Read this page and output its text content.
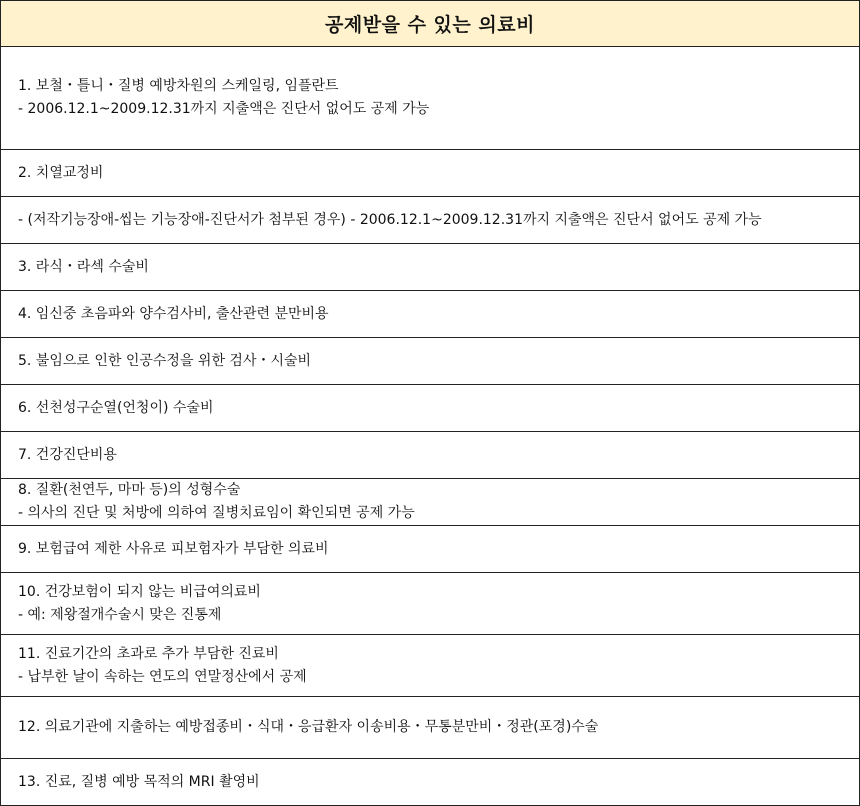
공제받을 수 있는 의료비
1. 보철・틀니・질병 예방차원의 스케일링, 임플란트
- 2006.12.1~2009.12.31까지 지출액은 진단서 없어도 공제 가능
2. 치열교정비
- (저작기능장애-씹는 기능장애-진단서가 첨부된 경우) - 2006.12.1~2009.12.31까지 지출액은 진단서 없어도 공제 가능
3. 라식・라섹 수술비
4. 임신중 초음파와 양수검사비, 출산관련 분만비용
5. 불임으로 인한 인공수정을 위한 검사・시술비
6. 선천성구순열(언청이) 수술비
7. 건강진단비용
8. 질환(천연두, 마마 등)의 성형수술
- 의사의 진단 및 처방에 의하여 질병치료임이 확인되면 공제 가능
9. 보험급여 제한 사유로 피보험자가 부담한 의료비
10. 건강보험이 되지 않는 비급여의료비
- 예: 제왕절개수술시 맞은 진통제
11. 진료기간의 초과로 추가 부담한 진료비
- 납부한 날이 속하는 연도의 연말정산에서 공제
12. 의료기관에 지출하는 예방접종비・식대・응급환자 이송비용・무통분만비・정관(포경)수술
13. 진료, 질병 예방 목적의 MRI 촬영비
